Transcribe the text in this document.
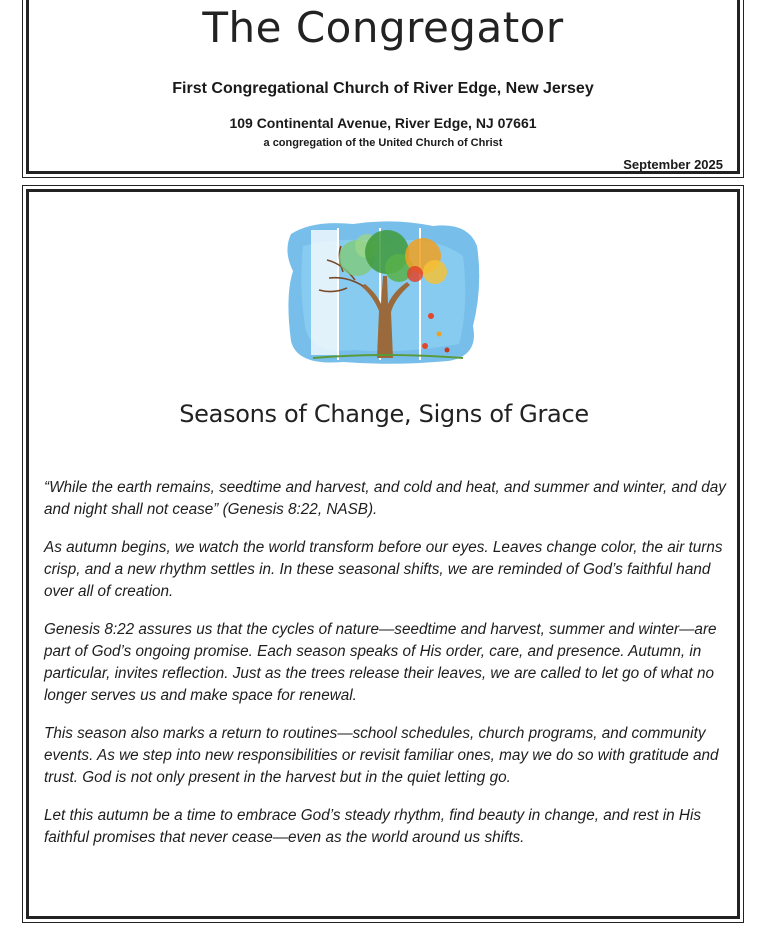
The Congregator
First Congregational Church of River Edge, New Jersey
109 Continental Avenue, River Edge, NJ 07661
a congregation of the United Church of Christ
September 2025
Seasons of Change, Signs of Grace

“While the earth remains, seedtime and harvest, and cold and heat, and summer and winter, and day and night shall not cease” (Genesis 8:22, NASB).

As autumn begins, we watch the world transform before our eyes. Leaves change color, the air turns crisp, and a new rhythm settles in. In these seasonal shifts, we are reminded of God’s faithful hand over all of creation.

Genesis 8:22 assures us that the cycles of nature—seedtime and harvest, summer and winter—are part of God’s ongoing promise. Each season speaks of His order, care, and presence. Autumn, in particular, invites reflection. Just as the trees release their leaves, we are called to let go of what no longer serves us and make space for renewal.

This season also marks a return to routines—school schedules, church programs, and community events. As we step into new responsibilities or revisit familiar ones, may we do so with gratitude and trust. God is not only present in the harvest but in the quiet letting go.

Let this autumn be a time to embrace God’s steady rhythm, find beauty in change, and rest in His faithful promises that never cease—even as the world around us shifts.
